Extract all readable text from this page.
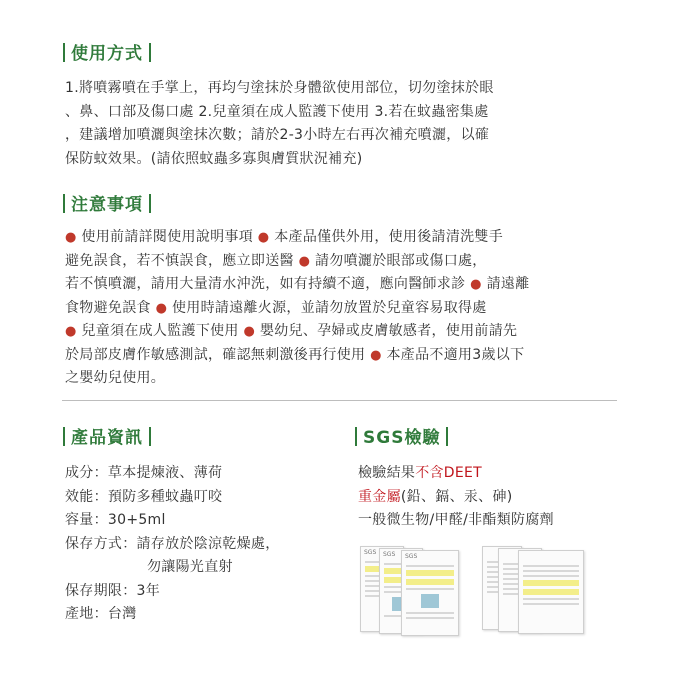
使用方式
1.將噴霧噴在手掌上，再均勻塗抹於身體欲使用部位，切勿塗抹於眼
、鼻、口部及傷口處 2.兒童須在成人監護下使用 3.若在蚊蟲密集處
，建議增加噴灑與塗抹次數；請於2-3小時左右再次補充噴灑，以確
保防蚊效果。(請依照蚊蟲多寡與膚質狀況補充)
注意事項
● 使用前請詳閱使用說明事項 ● 本產品僅供外用，使用後請清洗雙手
避免誤食，若不慎誤食，應立即送醫 ● 請勿噴灑於眼部或傷口處，
若不慎噴灑，請用大量清水沖洗，如有持續不適，應向醫師求診 ● 請遠離
食物避免誤食 ● 使用時請遠離火源，並請勿放置於兒童容易取得處
● 兒童須在成人監護下使用 ● 嬰幼兒、孕婦或皮膚敏感者，使用前請先
於局部皮膚作敏感測試，確認無刺激後再行使用 ● 本產品不適用3歲以下
之嬰幼兒使用。
產品資訊
成分：草本提煉液、薄荷
效能：預防多種蚊蟲叮咬
容量：30+5ml
保存方式：請存放於陰涼乾燥處，
勿讓陽光直射
保存期限：3年
產地：台灣
SGS檢驗
檢驗結果不含DEET
重金屬(鉛、鎘、汞、砷)
一般微生物/甲醛/非酯類防腐劑
SGS	SGS	SGS
